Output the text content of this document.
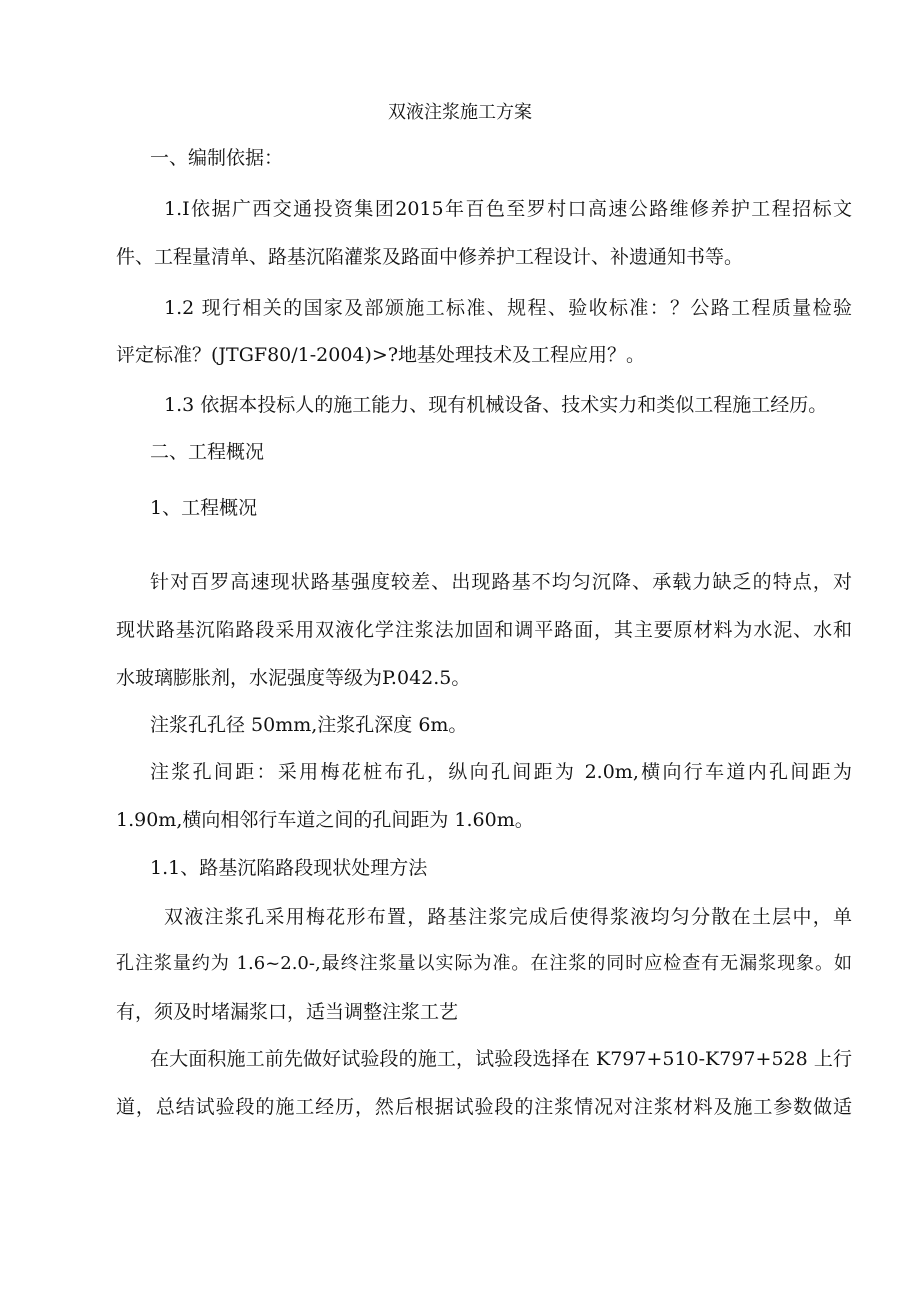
双液注浆施工方案
一、编制依据：
1.I依据广西交通投资集团2015年百色至罗村口高速公路维修养护工程招标文
件、工程量清单、路基沉陷灌浆及路面中修养护工程设计、补遗通知书等。
1.2 现行相关的国家及部颁施工标准、规程、验收标准：？公路工程质量检验
评定标准？(JTGF80/1-2004)>?地基处理技术及工程应用？。
1.3 依据本投标人的施工能力、现有机械设备、技术实力和类似工程施工经历。
二、工程概况
1、工程概况
针对百罗高速现状路基强度较差、出现路基不均匀沉降、承载力缺乏的特点，对
现状路基沉陷路段采用双液化学注浆法加固和调平路面，其主要原材料为水泥、水和
水玻璃膨胀剂，水泥强度等级为P.042.5。
注浆孔孔径 50mm,注浆孔深度 6m。
注浆孔间距：采用梅花桩布孔，纵向孔间距为 2.0m,横向行车道内孔间距为
1.90m,横向相邻行车道之间的孔间距为 1.60m。
1.1、路基沉陷路段现状处理方法
双液注浆孔采用梅花形布置，路基注浆完成后使得浆液均匀分散在土层中，单
孔注浆量约为 1.6~2.0-,最终注浆量以实际为准。在注浆的同时应检查有无漏浆现象。如
有，须及时堵漏浆口，适当调整注浆工艺
在大面积施工前先做好试验段的施工，试验段选择在 K797+510-K797+528 上行
道，总结试验段的施工经历，然后根据试验段的注浆情况对注浆材料及施工参数做适
